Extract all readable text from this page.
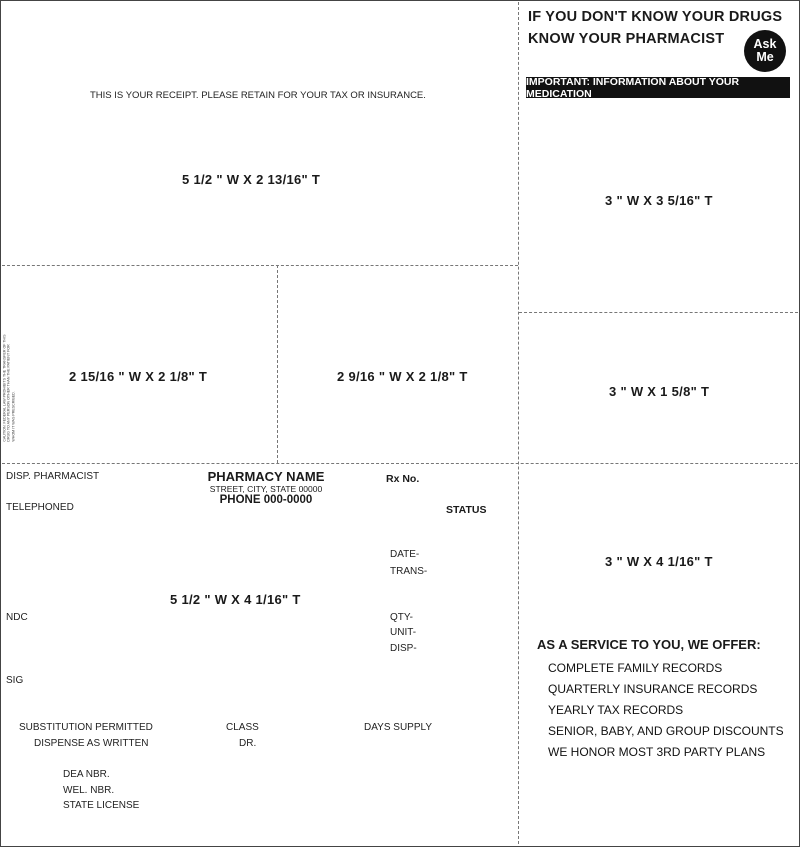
THIS IS YOUR RECEIPT. PLEASE RETAIN FOR YOUR TAX OR INSURANCE.
5 1/2 " W X 2 13/16" T
IF YOU DON'T KNOW YOUR DRUGS
KNOW YOUR PHARMACIST Ask
Me
IMPORTANT: INFORMATION ABOUT YOUR MEDICATION
3 " W X 3 5/16" T
CAUTION: FEDERAL LAW PROHIBITS THE TRANSFER OF THIS DRUG TO ANY PERSON OTHER THAN THE PATIENT FOR WHOM IT WAS PRESCRIBED.
2 15/16 " W X 2 1/8" T	2 9/16 " W X 2 1/8" T
3 " W X 1 5/8" T
DISP. PHARMACIST	PHARMACY NAME
STREET, CITY, STATE 00000
PHONE 000-0000
Rx No.
TELEPHONED	STATUS
DATE-
TRANS-
5 1/2 " W X 4 1/16" T
NDC	QTY-
UNIT-
DISP-
SIG
SUBSTITUTION PERMITTED
DISPENSE AS WRITTEN
CLASS
DR.
DAYS SUPPLY
DEA NBR.
WEL. NBR.
STATE LICENSE
3 " W X 4 1/16" T
AS A SERVICE TO YOU, WE OFFER:
COMPLETE FAMILY RECORDS
QUARTERLY INSURANCE RECORDS
YEARLY TAX RECORDS
SENIOR, BABY, AND GROUP DISCOUNTS
WE HONOR MOST 3RD PARTY PLANS
